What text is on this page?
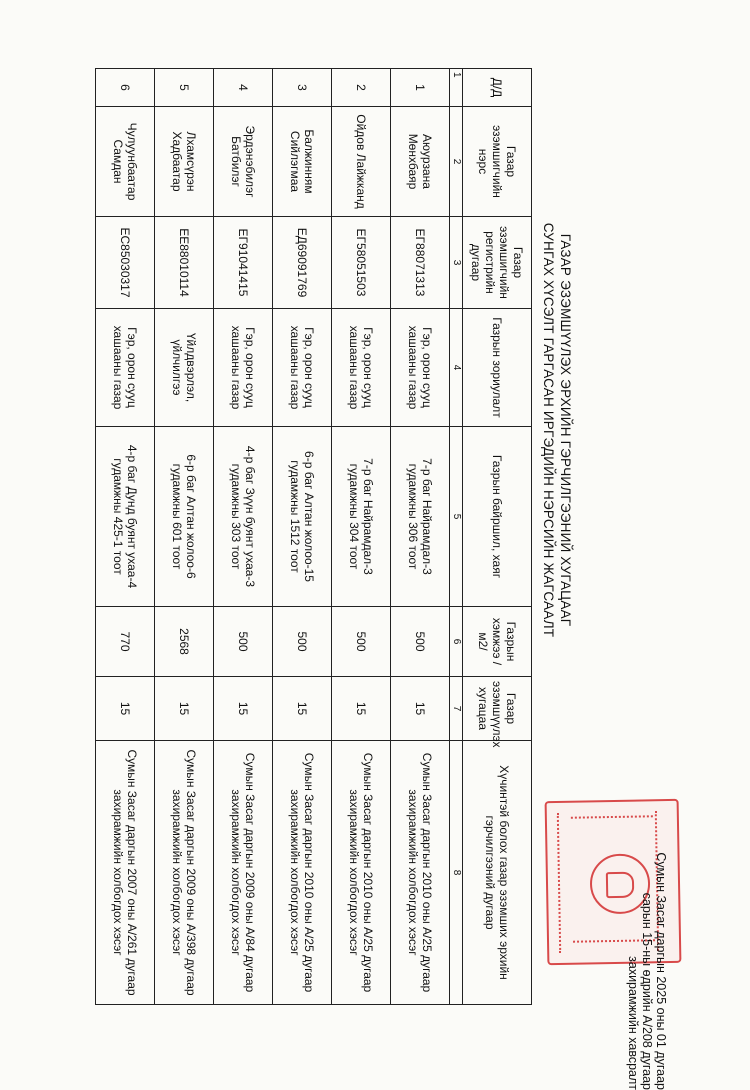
Сумын Засаг даргын 2025 оны 01 дугаар
сарын 15-ны өдрийн А/208 дугаар
захирамжийн хавсралт
ГАЗАР ЭЗЭМШҮҮЛЭХ ЭРХИЙН ГЭРЧИЛГЭЭНИЙ ХУГАЦААГ
СУНГАХ ХҮСЭЛТ ГАРГАСАН ИРГЭДИЙН НЭРСИЙН ЖАГСААЛТ
Д/Д	Газар эзэмшигчийн нэрс	Газар эзэмшигчийн регистрийн дугаар	Газрын зориулалт	Газрын байршил, хаяг	Газрын хэмжээ / м2/	Газар эзэмшүүлэх хугацаа	Хүчинтэй болох газар эзэмших эрхийн гэрчилгээний дугаар
1	2	3	4	5	6	7	8
1	Аюурзана Мөнхбаяр	ЕГ88071313	Гэр, орон сууц хашааны газар	7-р баг Найрамдал-3 гудамжны 306 тоот	500	15	Сумын Засаг даргын 2010 оны А/25 дугаар захирамжийн холбогдох хэсэг
2	Ойдов Лайжканд	ЕГ58051503	Гэр, орон сууц хашааны газар	7-р баг Найрамдал-3 гудамжны 304 тоот	500	15	Сумын Засаг даргын 2010 оны А/25 дугаар захирамжийн холбогдох хэсэг
3	Балжинням Сийлэгмаа	ЕД69091769	Гэр, орон сууц хашааны газар	6-р баг Алтан жолоо-15 гудамжны 1512 тоот	500	15	Сумын Засаг даргын 2010 оны А/25 дугаар захирамжийн холбогдох хэсэг
4	Эрдэнэбилэг Батбилэг	ЕГ91041415	Гэр, орон сууц хашааны газар	4-р баг Зүүн буянт ухаа-3 гудамжны 303 тоот	500	15	Сумын Засаг даргын 2009 оны А/84 дугаар захирамжийн холбогдох хэсэг
5	Лхамсүрэн Хадбаатар	ЕЕ88010114	Үйлдвэрлэл, үйлчилгээ	6-р баг Алтан жолоо-6 гудамжны 601 тоот	2568	15	Сумын Засаг даргын 2009 оны А/398 дугаар захирамжийн холбогдох хэсэг
6	Чулуунбаатар Самдан	ЕС85030317	Гэр, орон сууц хашааны газар	4-р баг Дунд буянт ухаа-4 гудамжны 425-1 тоот	770	15	Сумын Засаг даргын 2007 оны А/261 дугаар захирамжийн холбогдох хэсэг
